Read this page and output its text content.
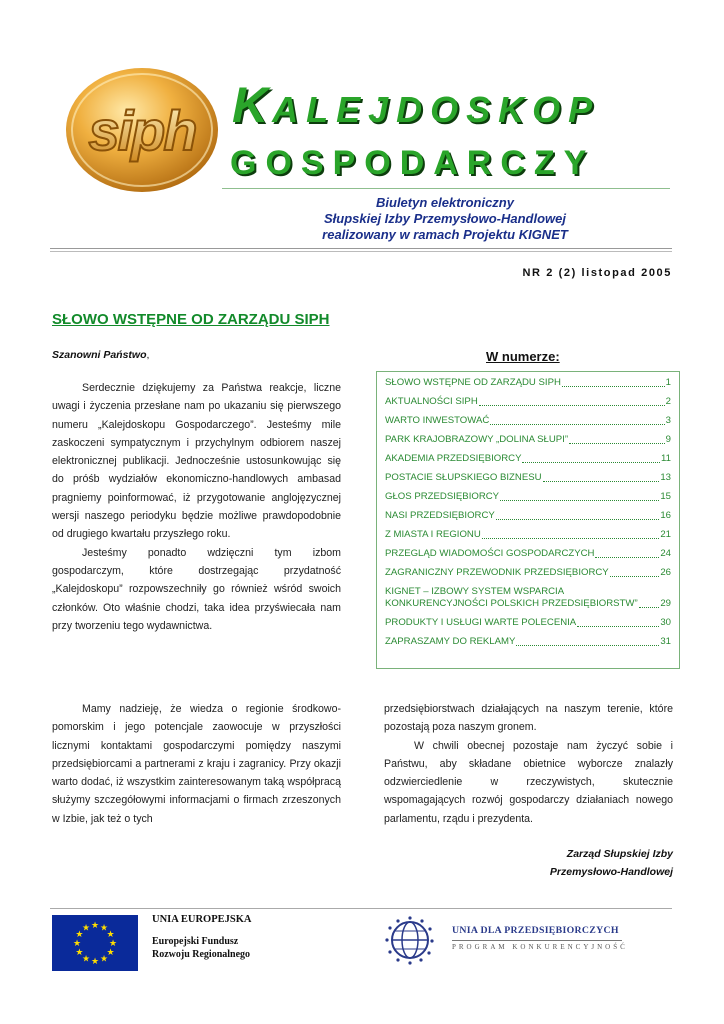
siph KALEJDOSKOP
GOSPODARCZY
Biuletyn elektroniczny
Słupskiej Izby Przemysłowo-Handlowej
realizowany w ramach Projektu KIGNET
NR 2 (2) listopad 2005
SŁOWO WSTĘPNE OD ZARZĄDU SIPH
Szanowni Państwo,

Serdecznie dziękujemy za Państwa reakcje, liczne uwagi i życzenia przesłane nam po ukazaniu się pierwszego numeru „Kalejdoskopu Gospodarczego”. Jesteśmy mile zaskoczeni sympatycznym i przychylnym odbiorem naszej elektronicznej publikacji. Jednocześnie ustosunkowując się do próśb wydziałów ekonomiczno-handlowych ambasad pragniemy poinformować, iż przygotowanie anglojęzycznej wersji naszego periodyku będzie możliwe prawdopodobnie od drugiego kwartału przyszłego roku.

Jesteśmy ponadto wdzięczni tym izbom gospodarczym, które dostrzegając przydatność „Kalejdoskopu” rozpowszechniły go również wśród swoich członków. Oto właśnie chodzi, taka idea przyświecała nam przy tworzeniu tego wydawnictwa.

W numerze:
SŁOWO WSTĘPNE OD ZARZĄDU SIPH	1
AKTUALNOŚCI SIPH	2
WARTO INWESTOWAĆ	3
PARK KRAJOBRAZOWY „DOLINA SŁUPI”	9
AKADEMIA PRZEDSIĘBIORCY	11
POSTACIE SŁUPSKIEGO BIZNESU	13
GŁOS PRZEDSIĘBIORCY	15
NASI PRZEDSIĘBIORCY	16
Z MIASTA I REGIONU	21
PRZEGLĄD WIADOMOŚCI GOSPODARCZYCH	24
ZAGRANICZNY PRZEWODNIK PRZEDSIĘBIORCY	26
KIGNET – IZBOWY SYSTEM WSPARCIA
KONKURENCYJNOŚCI POLSKICH PRZEDSIĘBIORSTW” 29
PRODUKTY I USŁUGI WARTE POLECENIA	30
ZAPRASZAMY DO REKLAMY	31

Mamy nadzieję, że wiedza o regionie środkowo-pomorskim i jego potencjale zaowocuje w przyszłości licznymi kontaktami gospodarczymi pomiędzy naszymi przedsiębiorcami a partnerami z kraju i zagranicy. Przy okazji warto dodać, iż wszystkim zainteresowanym taką współpracą służymy szczegółowymi informacjami o firmach zrzeszonych w Izbie, jak też o tych

przedsiębiorstwach działających na naszym terenie, które pozostają poza naszym gronem.

W chwili obecnej pozostaje nam życzyć sobie i Państwu, aby składane obietnice wyborcze znalazły odzwierciedlenie w rzeczywistych, skutecznie wspomagających rozwój gospodarczy działaniach nowego parlamentu, rządu i prezydenta.

Zarząd Słupskiej Izby
Przemysłowo-Handlowej
★ ★
★
★
★
★
★
★
★
★
★
★
UNIA EUROPEJSKA
Europejski Fundusz
Rozwoju Regionalnego
UNIA DLA PRZEDSIĘBIORCZYCH
PROGRAM KONKURENCYJNOŚĆ
